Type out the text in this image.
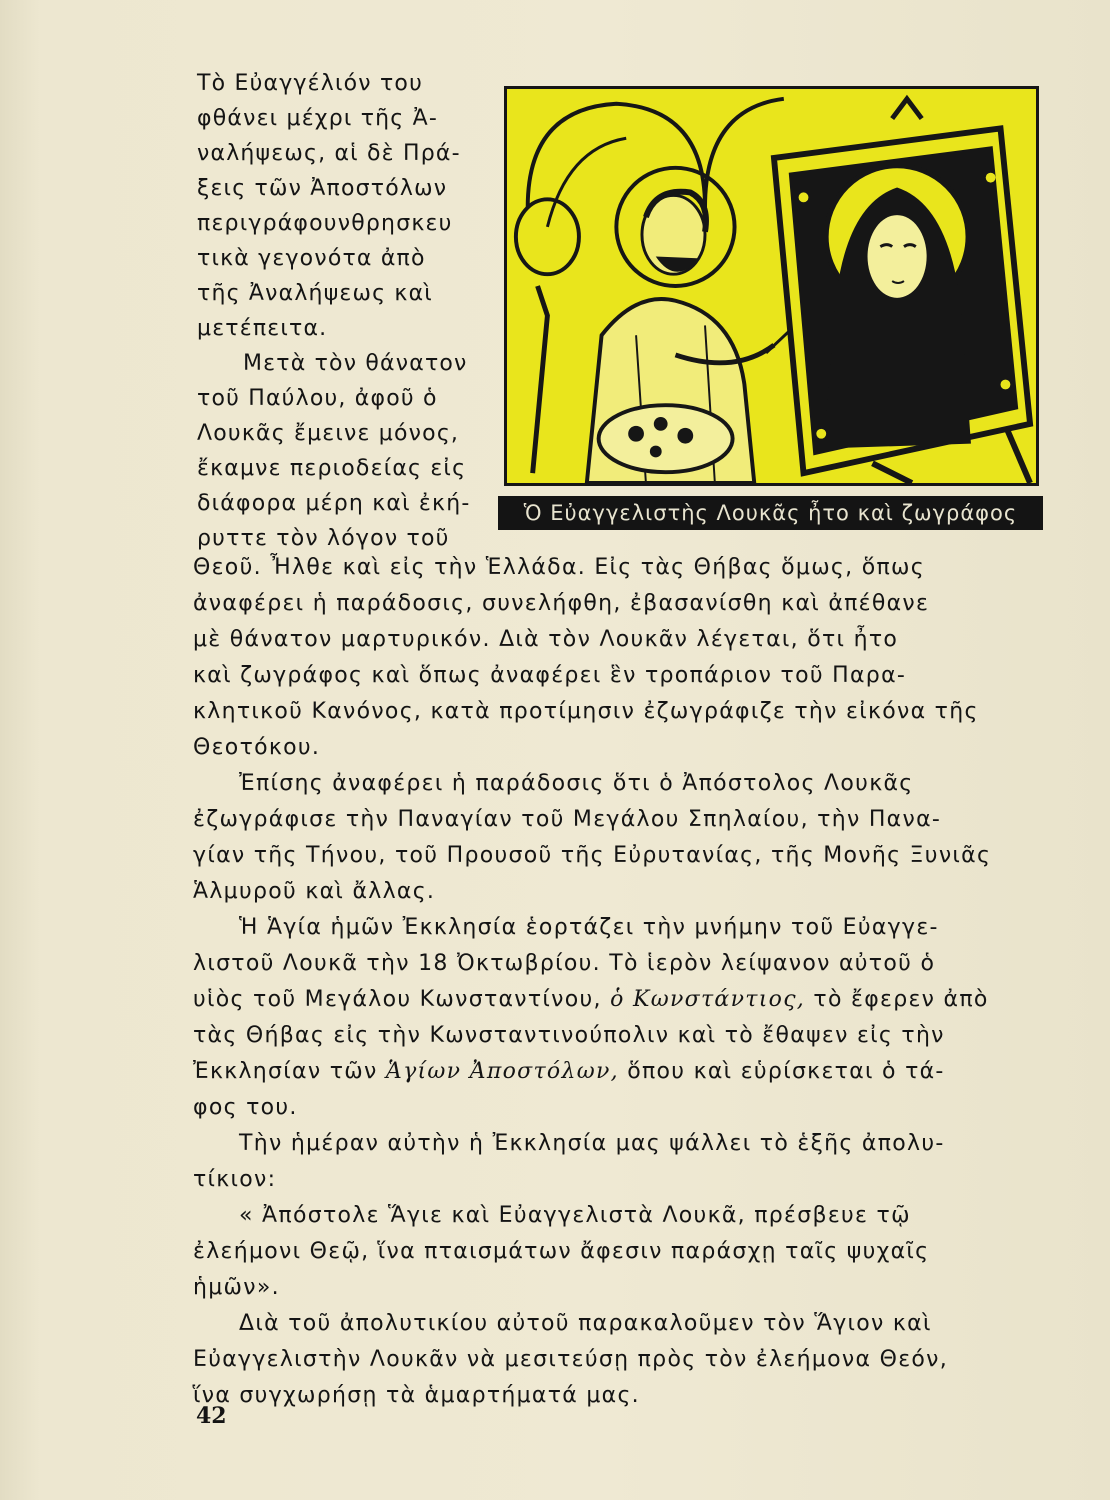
Τὸ Εὐαγγέλιόν του
φθάνει μέχρι τῆς Ἀ-
ναλήψεως, αἱ δὲ Πρά-
ξεις τῶν Ἀποστόλων
περιγράφουνθρησκευ
τικὰ γεγονότα ἀπὸ
τῆς Ἀναλήψεως καὶ
μετέπειτα.

Μετὰ τὸν θάνατον
τοῦ Παύλου, ἀφοῦ ὁ
Λουκᾶς ἔμεινε μόνος,
ἔκαμνε περιοδείας εἰς
διάφορα μέρη καὶ ἐκή-
ρυττε τὸν λόγον τοῦ

Ὁ Εὐαγγελιστὴς Λουκᾶς ἦτο καὶ ζωγράφος

Θεοῦ. Ἦλθε καὶ εἰς τὴν Ἑλλάδα. Εἰς τὰς Θήβας ὅμως, ὅπως
ἀναφέρει ἡ παράδοσις, συνελήφθη, ἐβασανίσθη καὶ ἀπέθανε
μὲ θάνατον μαρτυρικόν. Διὰ τὸν Λουκᾶν λέγεται, ὅτι ἦτο
καὶ ζωγράφος καὶ ὅπως ἀναφέρει ἓν τροπάριον τοῦ Παρα-
κλητικοῦ Κανόνος, κατὰ προτίμησιν ἐζωγράφιζε τὴν εἰκόνα τῆς
Θεοτόκου.

Ἐπίσης ἀναφέρει ἡ παράδοσις ὅτι ὁ Ἀπόστολος Λουκᾶς
ἐζωγράφισε τὴν Παναγίαν τοῦ Μεγάλου Σπηλαίου, τὴν Πανα-
γίαν τῆς Τήνου, τοῦ Προυσοῦ τῆς Εὐρυτανίας, τῆς Μονῆς Ξυνιᾶς
Ἁλμυροῦ καὶ ἄλλας.

Ἡ Ἁγία ἡμῶν Ἐκκλησία ἑορτάζει τὴν μνήμην τοῦ Εὐαγγε-
λιστοῦ Λουκᾶ τὴν 18 Ὀκτωβρίου. Τὸ ἱερὸν λείψανον αὐτοῦ ὁ
υἱὸς τοῦ Μεγάλου Κωνσταντίνου, ὁ Κωνστάντιος, τὸ ἔφερεν ἀπὸ
τὰς Θήβας εἰς τὴν Κωνσταντινούπολιν καὶ τὸ ἔθαψεν εἰς τὴν
Ἐκκλησίαν τῶν Ἁγίων Ἀποστόλων, ὅπου καὶ εὑρίσκεται ὁ τά-
φος του.

Τὴν ἡμέραν αὐτὴν ἡ Ἐκκλησία μας ψάλλει τὸ ἑξῆς ἀπολυ-
τίκιον:

« Ἀπόστολε Ἅγιε καὶ Εὐαγγελιστὰ Λουκᾶ, πρέσβευε τῷ
ἐλεήμονι Θεῷ, ἵνα πταισμάτων ἄφεσιν παράσχῃ ταῖς ψυχαῖς
ἡμῶν».

Διὰ τοῦ ἀπολυτικίου αὐτοῦ παρακαλοῦμεν τὸν Ἅγιον καὶ
Εὐαγγελιστὴν Λουκᾶν νὰ μεσιτεύσῃ πρὸς τὸν ἐλεήμονα Θεόν,
ἵνα συγχωρήσῃ τὰ ἁμαρτήματά μας.

42
